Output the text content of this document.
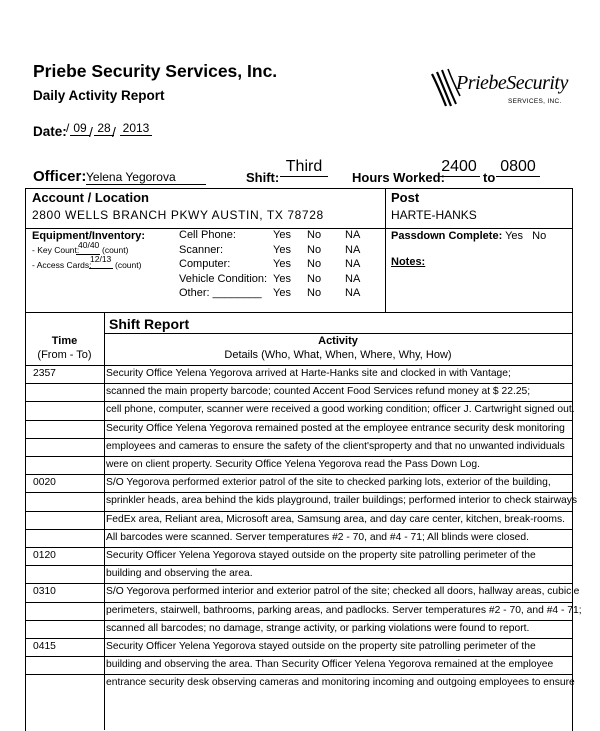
Priebe Security Services, Inc.
Daily Activity Report
PriebeSecurity
SERVICES, INC.
Date: / 09 / 28 / 2013
Officer: Yelena Yegorova	Shift:
Third
Hours Worked:
2400
to
0800
Account / Location
2800 WELLS BRANCH PKWY AUSTIN, TX 78728
Post
HARTE-HANKS
Equipment/Inventory:
- Key Count:
40/40 (count)
- Access Cards:
12/13
(count)
Cell Phone:	Yes No NA
Scanner:	Yes No NA
Computer:	Yes No NA
Vehicle Condition: Yes No NA
Other: ________ Yes No NA
Passdown Complete: Yes No
Notes:
Shift Report
Time
(From - To)
Activity
Details (Who, What, When, Where, Why, How)
2357	Security Office Yelena Yegorova arrived at Harte-Hanks site and clocked in with Vantage;
scanned the main property barcode; counted Accent Food Services refund money at $ 22.25;
cell phone, computer, scanner were received a good working condition; officer J. Cartwright signed out.
Security Office Yelena Yegorova remained posted at the employee entrance security desk monitoring
employees and cameras to ensure the safety of the client'sproperty and that no unwanted individuals
were on client property. Security Office Yelena Yegorova read the Pass Down Log.
0020	S/O Yegorova performed exterior patrol of the site to checked parking lots, exterior of the building,
sprinkler heads, area behind the kids playground, trailer buildings; performed interior to check stairways
FedEx area, Reliant area, Microsoft area, Samsung area, and day care center, kitchen, break-rooms.
All barcodes were scanned. Server temperatures #2 - 70, and #4 - 71; All blinds were closed.
0120	Security Officer Yelena Yegorova stayed outside on the property site patrolling perimeter of the
building and observing the area.
0310	S/O Yegorova performed interior and exterior patrol of the site; checked all doors, hallway areas, cubicle
perimeters, stairwell, bathrooms, parking areas, and padlocks. Server temperatures #2 - 70, and #4 - 71;
scanned all barcodes; no damage, strange activity, or parking violations were found to report.
0415	Security Officer Yelena Yegorova stayed outside on the property site patrolling perimeter of the
building and observing the area. Than Security Officer Yelena Yegorova remained at the employee
entrance security desk observing cameras and monitoring incoming and outgoing employees to ensure
